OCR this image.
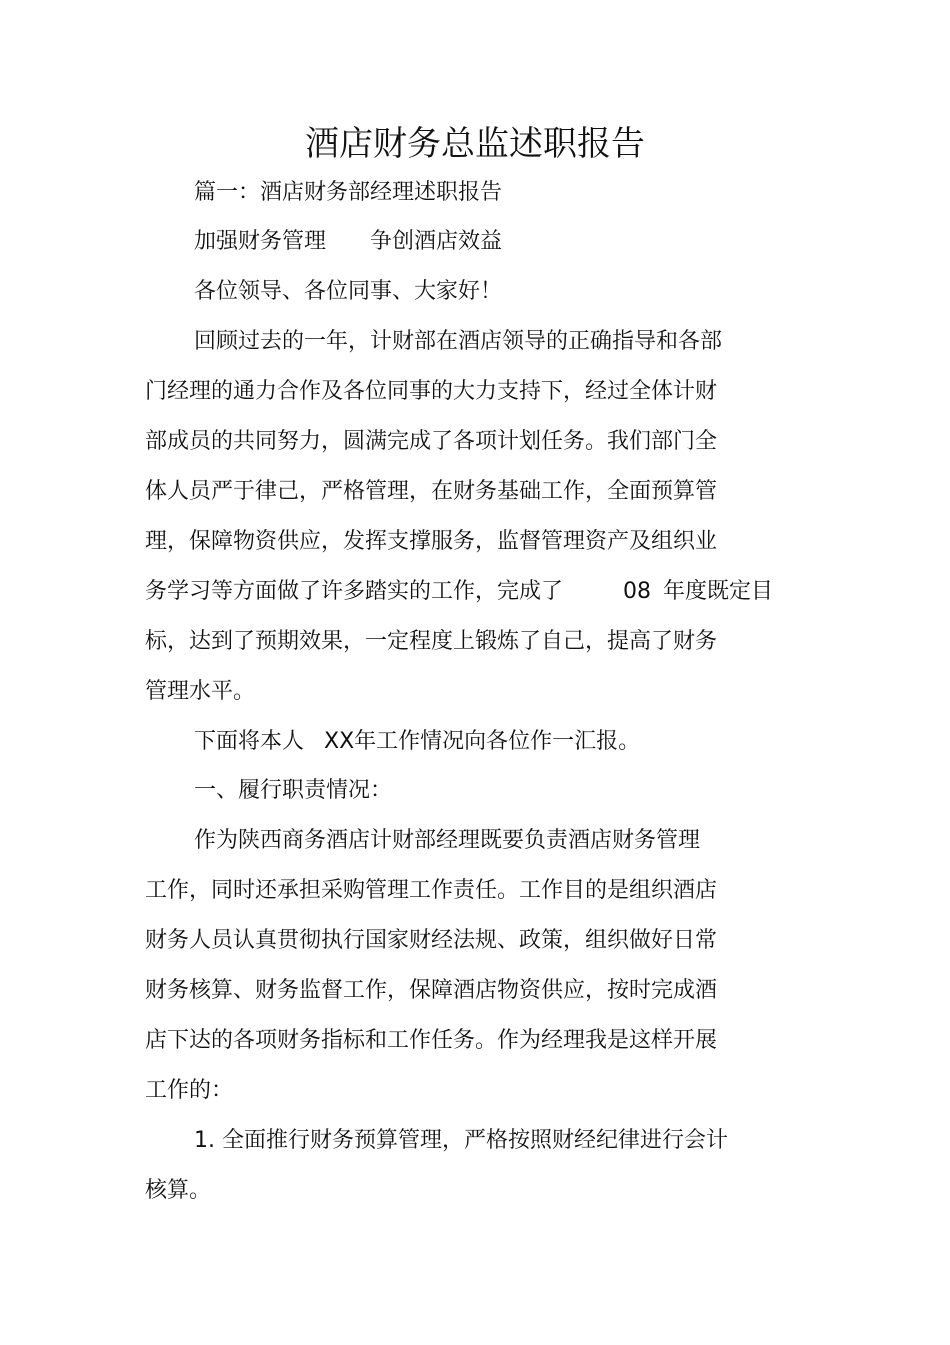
酒店财务总监述职报告
篇一：酒店财务部经理述职报告
加强财务管理 争创酒店效益
各位领导、各位同事、大家好！
回顾过去的一年，计财部在酒店领导的正确指导和各部
门经理的通力合作及各位同事的大力支持下，经过全体计财
部成员的共同努力，圆满完成了各项计划任务。我们部门全
体人员严于律己，严格管理，在财务基础工作，全面预算管
理，保障物资供应，发挥支撑服务，监督管理资产及组织业
务学习等方面做了许多踏实的工作，完成了	08 年度既定目
标，达到了预期效果，一定程度上锻炼了自己，提高了财务
管理水平。
下面将本人 XX年工作情况向各位作一汇报。
一、履行职责情况：
作为陕西商务酒店计财部经理既要负责酒店财务管理
工作，同时还承担采购管理工作责任。工作目的是组织酒店
财务人员认真贯彻执行国家财经法规、政策，组织做好日常
财务核算、财务监督工作，保障酒店物资供应，按时完成酒
店下达的各项财务指标和工作任务。作为经理我是这样开展
工作的：
1. 全面推行财务预算管理，严格按照财经纪律进行会计
核算。
